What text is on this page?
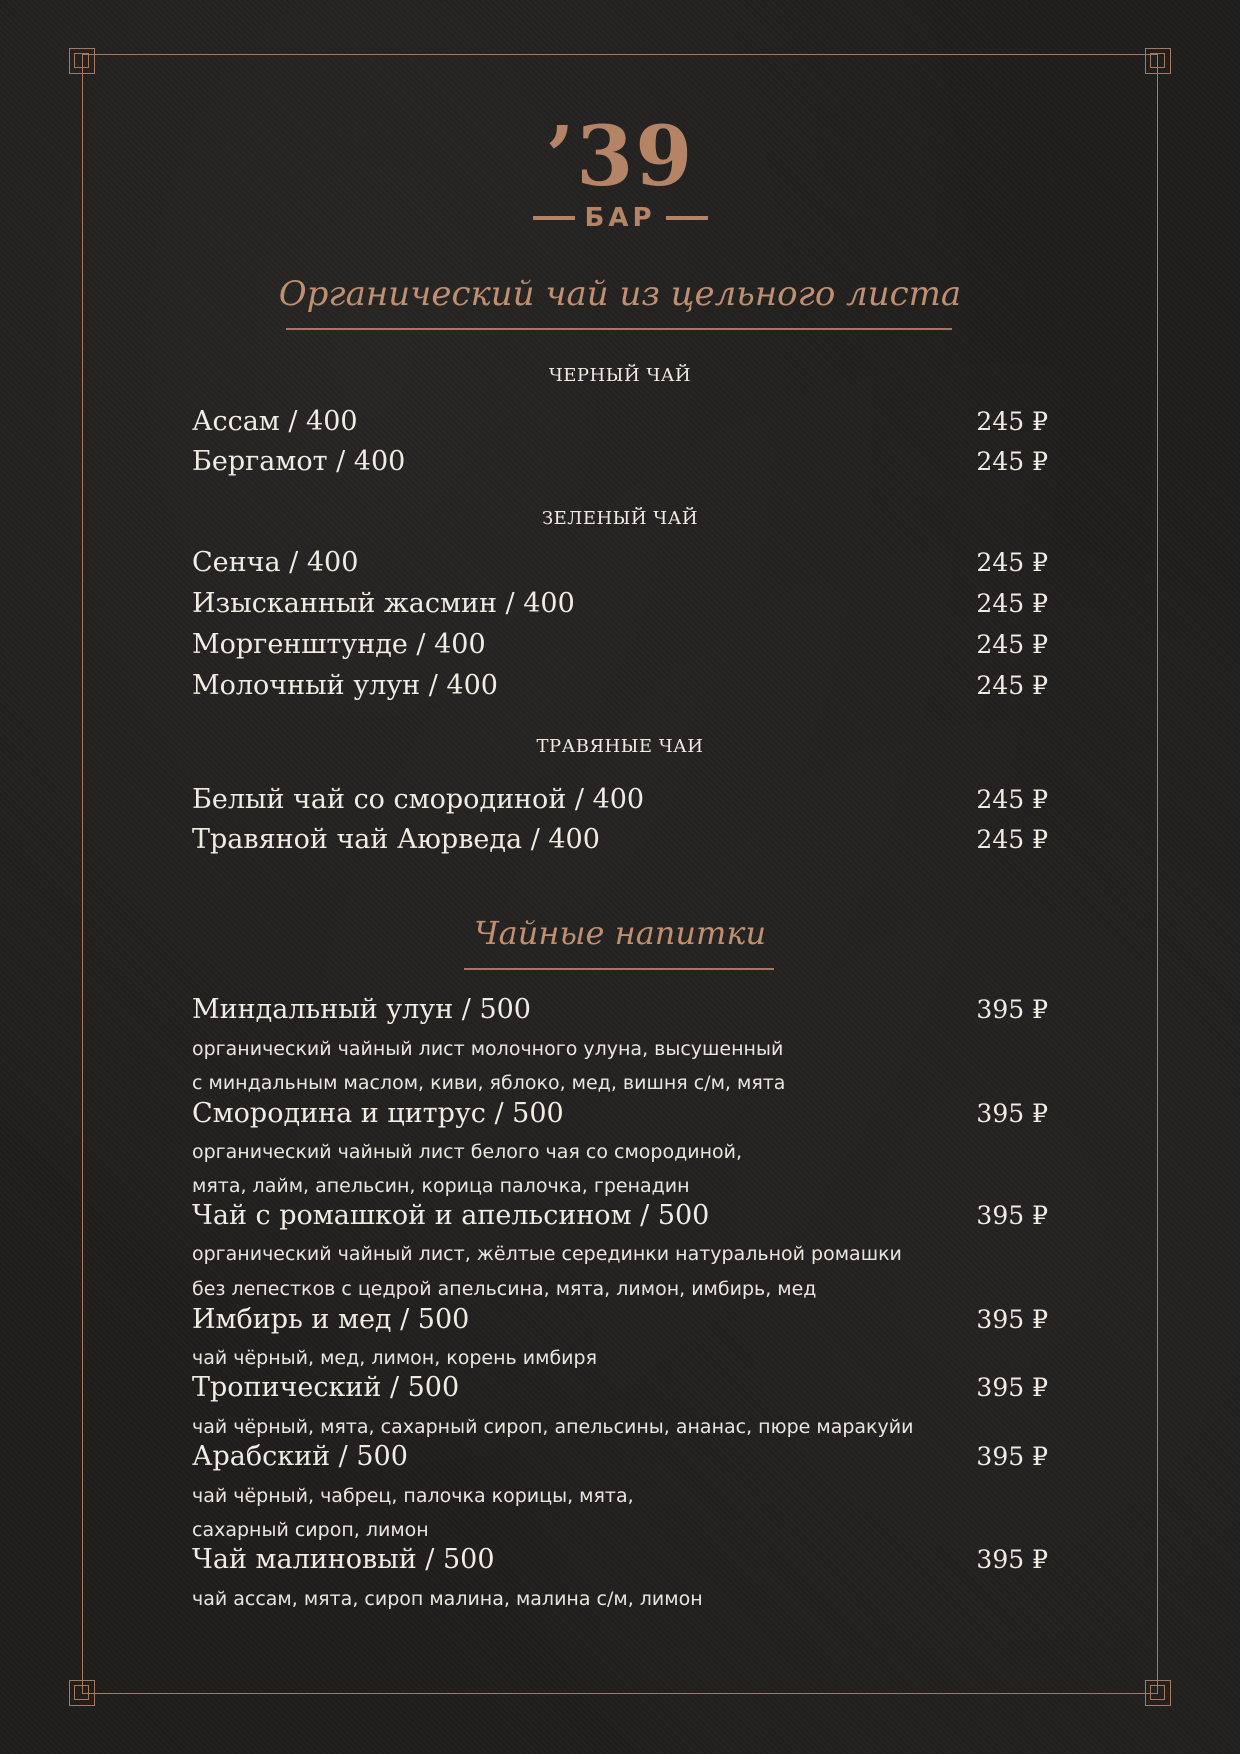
’39
БАР
Органический чай из цельного листа
ЧЕРНЫЙ ЧАЙ
Ассам / 400	245 ₽
Бергамот / 400	245 ₽
ЗЕЛЕНЫЙ ЧАЙ
Сенча / 400	245 ₽
Изысканный жасмин / 400	245 ₽
Моргенштунде / 400	245 ₽
Молочный улун / 400	245 ₽
ТРАВЯНЫЕ ЧАИ
Белый чай со смородиной / 400	245 ₽
Травяной чай Аюрведа / 400	245 ₽
Чайные напитки
Миндальный улун / 500	395 ₽
органический чайный лист молочного улуна, высушенный
с миндальным маслом, киви, яблоко, мед, вишня с/м, мята
Смородина и цитрус / 500	395 ₽
органический чайный лист белого чая со смородиной,
мята, лайм, апельсин, корица палочка, гренадин
Чай с ромашкой и апельсином / 500	395 ₽
органический чайный лист, жёлтые серединки натуральной ромашки
без лепестков с цедрой апельсина, мята, лимон, имбирь, мед
Имбирь и мед / 500	395 ₽
чай чёрный, мед, лимон, корень имбиря
Тропический / 500	395 ₽
чай чёрный, мята, сахарный сироп, апельсины, ананас, пюре маракуйи
Арабский / 500	395 ₽
чай чёрный, чабрец, палочка корицы, мята,
сахарный сироп, лимон
Чай малиновый / 500	395 ₽
чай ассам, мята, сироп малина, малина с/м, лимон
